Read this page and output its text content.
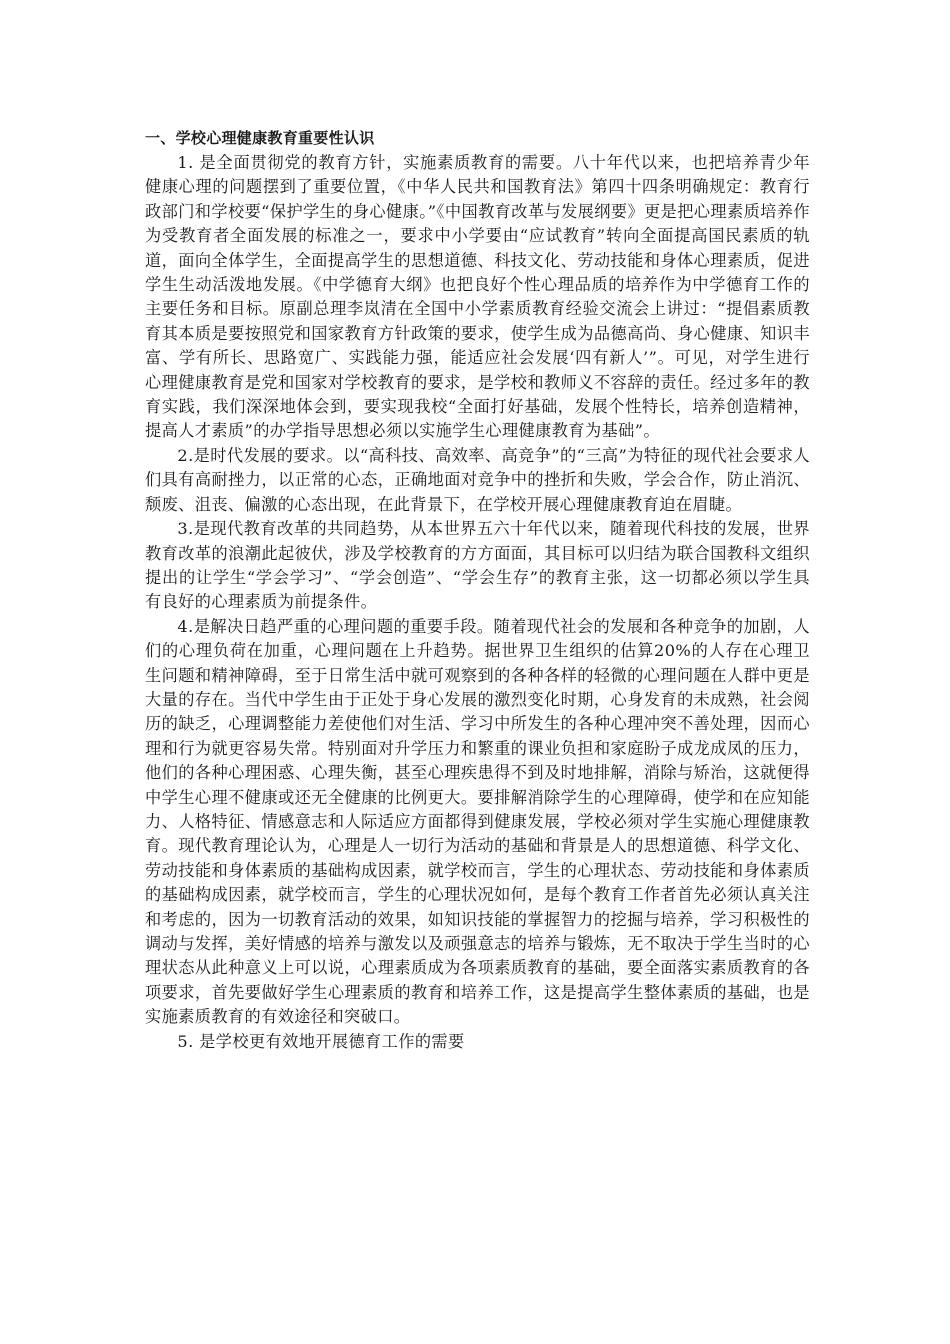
一、学校心理健康教育重要性认识

1. 是全面贯彻党的教育方针，实施素质教育的需要。八十年代以来，也把培养青少年健康心理的问题摆到了重要位置，《中华人民共和国教育法》第四十四条明确规定：教育行政部门和学校要“保护学生的身心健康。”《中国教育改革与发展纲要》更是把心理素质培养作为受教育者全面发展的标准之一，要求中小学要由“应试教育”转向全面提高国民素质的轨道，面向全体学生，全面提高学生的思想道德、科技文化、劳动技能和身体心理素质，促进学生生动活泼地发展。《中学德育大纲》也把良好个性心理品质的培养作为中学德育工作的主要任务和目标。原副总理李岚清在全国中小学素质教育经验交流会上讲过：“提倡素质教育其本质是要按照党和国家教育方针政策的要求，使学生成为品德高尚、身心健康、知识丰富、学有所长、思路宽广、实践能力强，能适应社会发展‘四有新人’”。可见，对学生进行心理健康教育是党和国家对学校教育的要求，是学校和教师义不容辞的责任。经过多年的教育实践，我们深深地体会到，要实现我校“全面打好基础，发展个性特长，培养创造精神，提高人才素质”的办学指导思想必须以实施学生心理健康教育为基础”。

2.是时代发展的要求。以“高科技、高效率、高竞争”的“三高”为特征的现代社会要求人们具有高耐挫力，以正常的心态，正确地面对竞争中的挫折和失败，学会合作，防止消沉、颓废、沮丧、偏激的心态出现，在此背景下，在学校开展心理健康教育迫在眉睫。

3.是现代教育改革的共同趋势，从本世界五六十年代以来，随着现代科技的发展，世界教育改革的浪潮此起彼伏，涉及学校教育的方方面面，其目标可以归结为联合国教科文组织提出的让学生“学会学习”、“学会创造”、“学会生存”的教育主张，这一切都必须以学生具有良好的心理素质为前提条件。

4.是解决日趋严重的心理问题的重要手段。随着现代社会的发展和各种竞争的加剧，人们的心理负荷在加重，心理问题在上升趋势。据世界卫生组织的估算20%的人存在心理卫生问题和精神障碍，至于日常生活中就可观察到的各种各样的轻微的心理问题在人群中更是大量的存在。当代中学生由于正处于身心发展的激烈变化时期，心身发育的未成熟，社会阅历的缺乏，心理调整能力差使他们对生活、学习中所发生的各种心理冲突不善处理，因而心理和行为就更容易失常。特别面对升学压力和繁重的课业负担和家庭盼子成龙成凤的压力，他们的各种心理困惑、心理失衡，甚至心理疾患得不到及时地排解，消除与矫治，这就便得中学生心理不健康或还无全健康的比例更大。要排解消除学生的心理障碍，使学和在应知能力、人格特征、情感意志和人际适应方面都得到健康发展，学校必须对学生实施心理健康教育。现代教育理论认为，心理是人一切行为活动的基础和背景是人的思想道德、科学文化、劳动技能和身体素质的基础构成因素，就学校而言，学生的心理状态、劳动技能和身体素质的基础构成因素，就学校而言，学生的心理状况如何，是每个教育工作者首先必须认真关注和考虑的，因为一切教育活动的效果，如知识技能的掌握智力的挖掘与培养，学习积极性的调动与发挥，美好情感的培养与激发以及顽强意志的培养与锻炼，无不取决于学生当时的心理状态从此种意义上可以说，心理素质成为各项素质教育的基础，要全面落实素质教育的各项要求，首先要做好学生心理素质的教育和培养工作，这是提高学生整体素质的基础，也是实施素质教育的有效途径和突破口。

5. 是学校更有效地开展德育工作的需要
